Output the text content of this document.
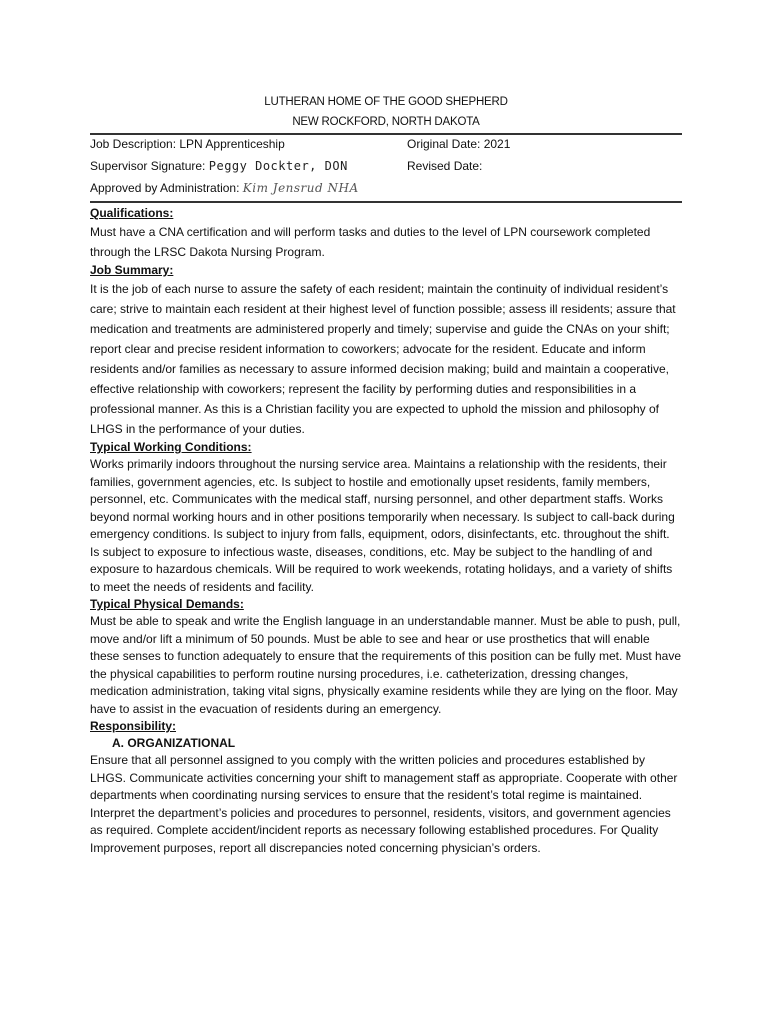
LUTHERAN HOME OF THE GOOD SHEPHERD
NEW ROCKFORD, NORTH DAKOTA
Job Description: LPN Apprenticeship	Original Date: 2021
Supervisor Signature: Peggy Dockter, DON	Revised Date:
Approved by Administration: Kim Jensrud NHA
Qualifications:

Must have a CNA certification and will perform tasks and duties to the level of LPN coursework completed through the LRSC Dakota Nursing Program.

Job Summary:

It is the job of each nurse to assure the safety of each resident; maintain the continuity of individual resident’s care; strive to maintain each resident at their highest level of function possible; assess ill residents; assure that medication and treatments are administered properly and timely; supervise and guide the CNAs on your shift; report clear and precise resident information to coworkers; advocate for the resident. Educate and inform residents and/or families as necessary to assure informed decision making; build and maintain a cooperative, effective relationship with coworkers; represent the facility by performing duties and responsibilities in a professional manner. As this is a Christian facility you are expected to uphold the mission and philosophy of LHGS in the performance of your duties.

Typical Working Conditions:

Works primarily indoors throughout the nursing service area. Maintains a relationship with the residents, their families, government agencies, etc. Is subject to hostile and emotionally upset residents, family members, personnel, etc. Communicates with the medical staff, nursing personnel, and other department staffs. Works beyond normal working hours and in other positions temporarily when necessary. Is subject to call-back during emergency conditions. Is subject to injury from falls, equipment, odors, disinfectants, etc. throughout the shift. Is subject to exposure to infectious waste, diseases, conditions, etc. May be subject to the handling of and exposure to hazardous chemicals. Will be required to work weekends, rotating holidays, and a variety of shifts to meet the needs of residents and facility.

Typical Physical Demands:

Must be able to speak and write the English language in an understandable manner. Must be able to push, pull, move and/or lift a minimum of 50 pounds. Must be able to see and hear or use prosthetics that will enable these senses to function adequately to ensure that the requirements of this position can be fully met. Must have the physical capabilities to perform routine nursing procedures, i.e. catheterization, dressing changes, medication administration, taking vital signs, physically examine residents while they are lying on the floor. May have to assist in the evacuation of residents during an emergency.

Responsibility:
A. ORGANIZATIONAL

Ensure that all personnel assigned to you comply with the written policies and procedures established by LHGS. Communicate activities concerning your shift to management staff as appropriate. Cooperate with other departments when coordinating nursing services to ensure that the resident’s total regime is maintained. Interpret the department’s policies and procedures to personnel, residents, visitors, and government agencies as required. Complete accident/incident reports as necessary following established procedures. For Quality Improvement purposes, report all discrepancies noted concerning physician’s orders.
